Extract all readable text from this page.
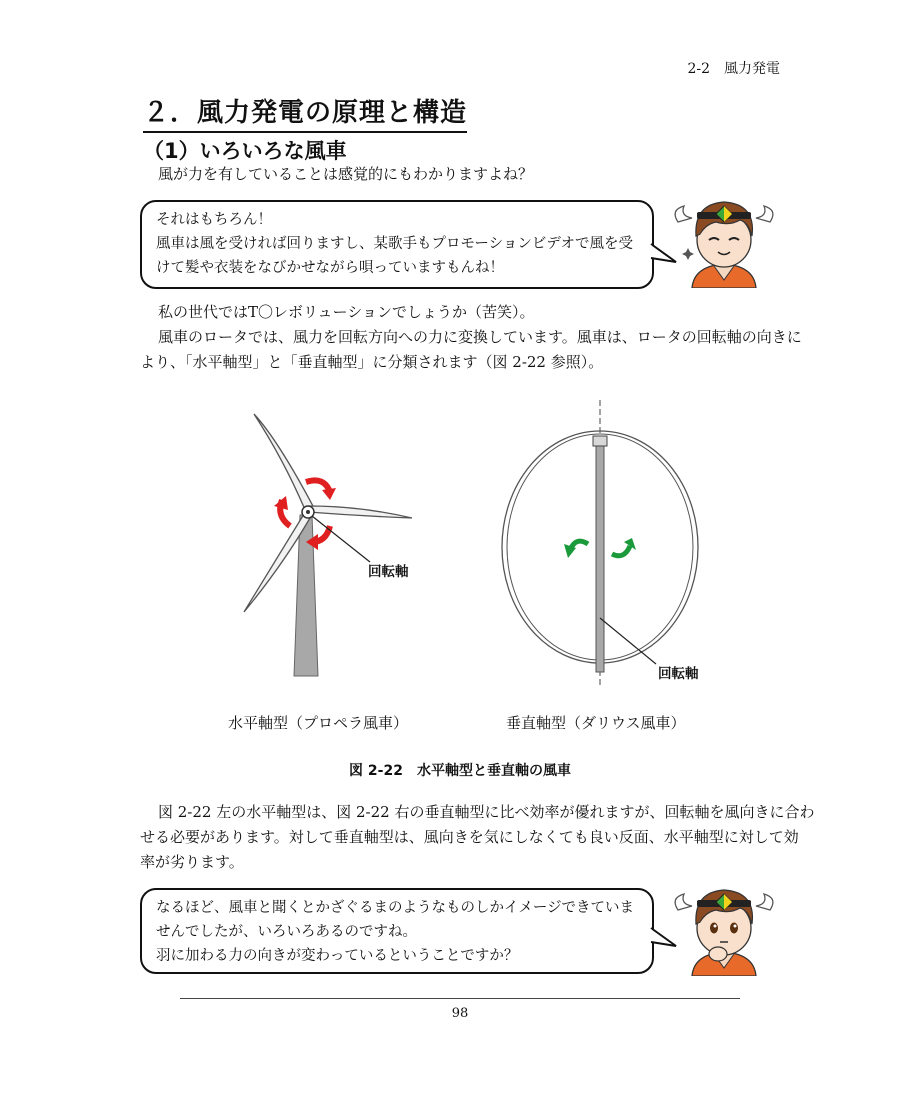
2-2　風力発電
２．風力発電の原理と構造
（1）いろいろな風車
風が力を有していることは感覚的にもわかりますよね？
それはもちろん！
風車は風を受ければ回りますし、某歌手もプロモーションビデオで風を受
けて髪や衣装をなびかせながら唄っていますもんね！
私の世代ではT〇レボリューションでしょうか（苦笑）。
風車のロータでは、風力を回転方向への力に変換しています。風車は、ロータの回転軸の向きに
より、「水平軸型」と「垂直軸型」に分類されます（図 2-22 参照）。
回転軸
回転軸
水平軸型（プロペラ風車）	垂直軸型（ダリウス風車）
図 2-22　水平軸型と垂直軸の風車
図 2-22 左の水平軸型は、図 2-22 右の垂直軸型に比べ効率が優れますが、回転軸を風向きに合わ
せる必要があります。対して垂直軸型は、風向きを気にしなくても良い反面、水平軸型に対して効
率が劣ります。
なるほど、風車と聞くとかざぐるまのようなものしかイメージできていま
せんでしたが、いろいろあるのですね。
羽に加わる力の向きが変わっているということですか？
98
